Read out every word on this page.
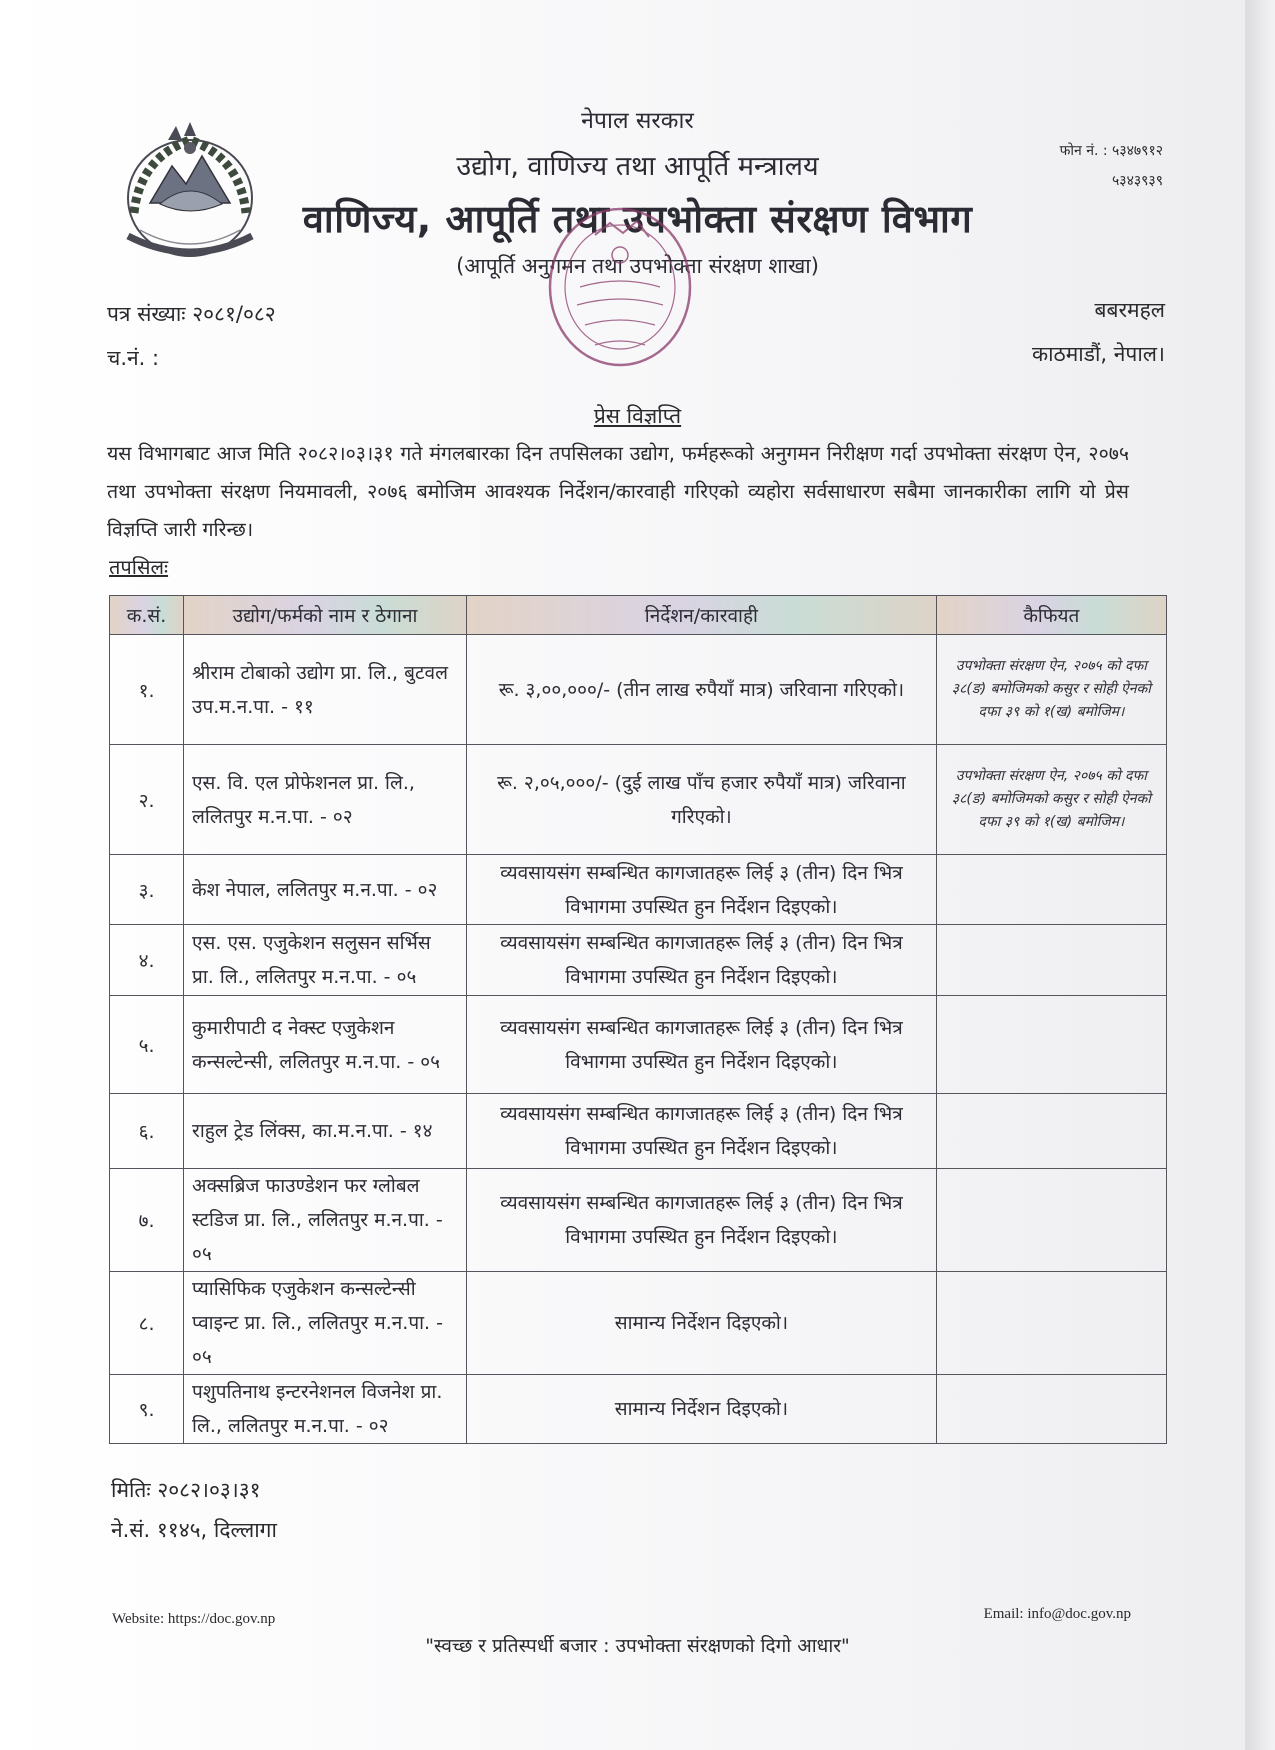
नेपाल सरकार
उद्योग, वाणिज्य तथा आपूर्ति मन्त्रालय
वाणिज्य, आपूर्ति तथा उपभोक्ता संरक्षण विभाग
(आपूर्ति अनुगमन तथा उपभोक्ता संरक्षण शाखा)
फोन नं. : ५३४७९१२
५३४३९३९
पत्र संख्याः २०८१/०८२
च.नं. :
बबरमहल
काठमाडौं, नेपाल।
प्रेस विज्ञप्ति
यस विभागबाट आज मिति २०८२।०३।३१ गते मंगलबारका दिन तपसिलका उद्योग, फर्महरूको अनुगमन निरीक्षण गर्दा उपभोक्ता संरक्षण ऐन, २०७५ तथा उपभोक्ता संरक्षण नियमावली, २०७६ बमोजिम आवश्यक निर्देशन/कारवाही गरिएको व्यहोरा सर्वसाधारण सबैमा जानकारीका लागि यो प्रेस विज्ञप्ति जारी गरिन्छ।
तपसिलः
क.सं.	उद्योग/फर्मको नाम र ठेगाना	निर्देशन/कारवाही	कैफियत
१.	श्रीराम टोबाको उद्योग प्रा. लि., बुटवल उप.म.न.पा. - ११	रू. ३,००,०००/- (तीन लाख रुपैयाँ मात्र) जरिवाना गरिएको।	उपभोक्ता संरक्षण ऐन, २०७५ को दफा ३८(ङ) बमोजिमको कसुर र सोही ऐनको दफा ३९ को १(ख) बमोजिम।
२.	एस. वि. एल प्रोफेशनल प्रा. लि., ललितपुर म.न.पा. - ०२	रू. २,०५,०००/- (दुई लाख पाँच हजार रुपैयाँ मात्र) जरिवाना गरिएको।	उपभोक्ता संरक्षण ऐन, २०७५ को दफा ३८(ङ) बमोजिमको कसुर र सोही ऐनको दफा ३९ को १(ख) बमोजिम।
३.	केश नेपाल, ललितपुर म.न.पा. - ०२	व्यवसायसंग सम्बन्धित कागजातहरू लिई ३ (तीन) दिन भित्र विभागमा उपस्थित हुन निर्देशन दिइएको।	
४.	एस. एस. एजुकेशन सलुसन सर्भिस प्रा. लि., ललितपुर म.न.पा. - ०५	व्यवसायसंग सम्बन्धित कागजातहरू लिई ३ (तीन) दिन भित्र विभागमा उपस्थित हुन निर्देशन दिइएको।	
५.	कुमारीपाटी द नेक्स्ट एजुकेशन कन्सल्टेन्सी, ललितपुर म.न.पा. - ०५	व्यवसायसंग सम्बन्धित कागजातहरू लिई ३ (तीन) दिन भित्र विभागमा उपस्थित हुन निर्देशन दिइएको।	
६.	राहुल ट्रेड लिंक्स, का.म.न.पा. - १४	व्यवसायसंग सम्बन्धित कागजातहरू लिई ३ (तीन) दिन भित्र विभागमा उपस्थित हुन निर्देशन दिइएको।	
७.	अक्सब्रिज फाउण्डेशन फर ग्लोबल स्टडिज प्रा. लि., ललितपुर म.न.पा. - ०५	व्यवसायसंग सम्बन्धित कागजातहरू लिई ३ (तीन) दिन भित्र विभागमा उपस्थित हुन निर्देशन दिइएको।	
८.	प्यासिफिक एजुकेशन कन्सल्टेन्सी प्वाइन्ट प्रा. लि., ललितपुर म.न.पा. - ०५	सामान्य निर्देशन दिइएको।	
९.	पशुपतिनाथ इन्टरनेशनल विजनेश प्रा. लि., ललितपुर म.न.पा. - ०२	सामान्य निर्देशन दिइएको।	
मितिः २०८२।०३।३१
ने.सं. ११४५, दिल्लागा
Website: https://doc.gov.np	Email: info@doc.gov.np
"स्वच्छ र प्रतिस्पर्धी बजार : उपभोक्ता संरक्षणको दिगो आधार"
